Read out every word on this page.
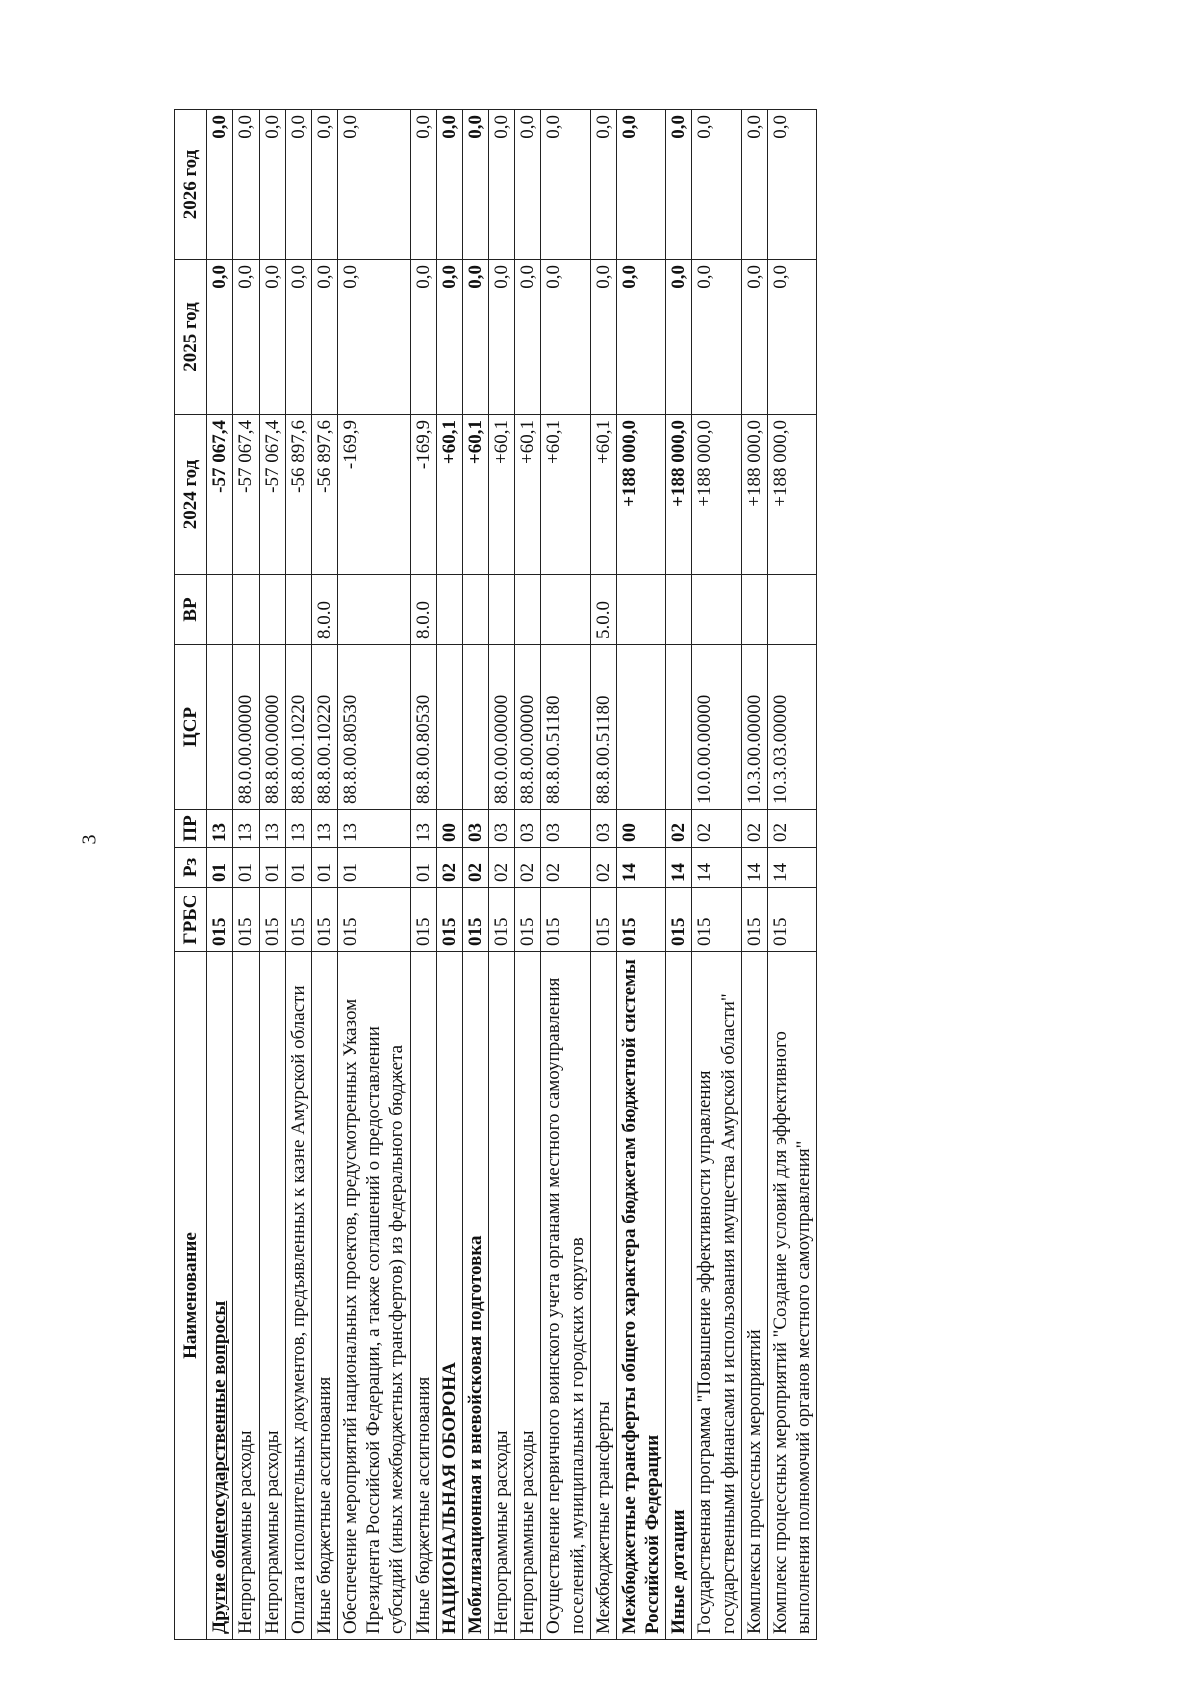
3
Наименование	ГРБС	Рз	ПР	ЦСР	ВР	2024 год	2025 год	2026 год
Другие общегосударственные вопросы	015	01	13			-57 067,4	0,0	0,0
Непрограммные расходы	015	01	13	88.0.00.00000		-57 067,4	0,0	0,0
Непрограммные расходы	015	01	13	88.8.00.00000		-57 067,4	0,0	0,0
Оплата исполнительных документов, предъявленных к казне Амурской области	015	01	13	88.8.00.10220		-56 897,6	0,0	0,0
Иные бюджетные ассигнования	015	01	13	88.8.00.10220	8.0.0	-56 897,6	0,0	0,0
Обеспечение мероприятий национальных проектов, предусмотренных Указом Президента Российской Федерации, а также соглашений о предоставлении субсидий (иных межбюджетных трансфертов) из федерального бюджета	015	01	13	88.8.00.80530		-169,9	0,0	0,0
Иные бюджетные ассигнования	015	01	13	88.8.00.80530	8.0.0	-169,9	0,0	0,0
НАЦИОНАЛЬНАЯ ОБОРОНА	015	02	00			+60,1	0,0	0,0
Мобилизационная и вневойсковая подготовка	015	02	03			+60,1	0,0	0,0
Непрограммные расходы	015	02	03	88.0.00.00000		+60,1	0,0	0,0
Непрограммные расходы	015	02	03	88.8.00.00000		+60,1	0,0	0,0
Осуществление первичного воинского учета органами местного самоуправления поселений, муниципальных и городских округов	015	02	03	88.8.00.51180		+60,1	0,0	0,0
Межбюджетные трансферты	015	02	03	88.8.00.51180	5.0.0	+60,1	0,0	0,0
Межбюджетные трансферты общего характера бюджетам бюджетной системы Российской Федерации	015	14	00			+188 000,0	0,0	0,0
Иные дотации	015	14	02			+188 000,0	0,0	0,0
Государственная программа "Повышение эффективности управления государственными финансами и использования имущества Амурской области"	015	14	02	10.0.00.00000		+188 000,0	0,0	0,0
Комплексы процессных мероприятий	015	14	02	10.3.00.00000		+188 000,0	0,0	0,0
Комплекс процессных мероприятий "Создание условий для эффективного выполнения полномочий органов местного самоуправления"	015	14	02	10.3.03.00000		+188 000,0	0,0	0,0
